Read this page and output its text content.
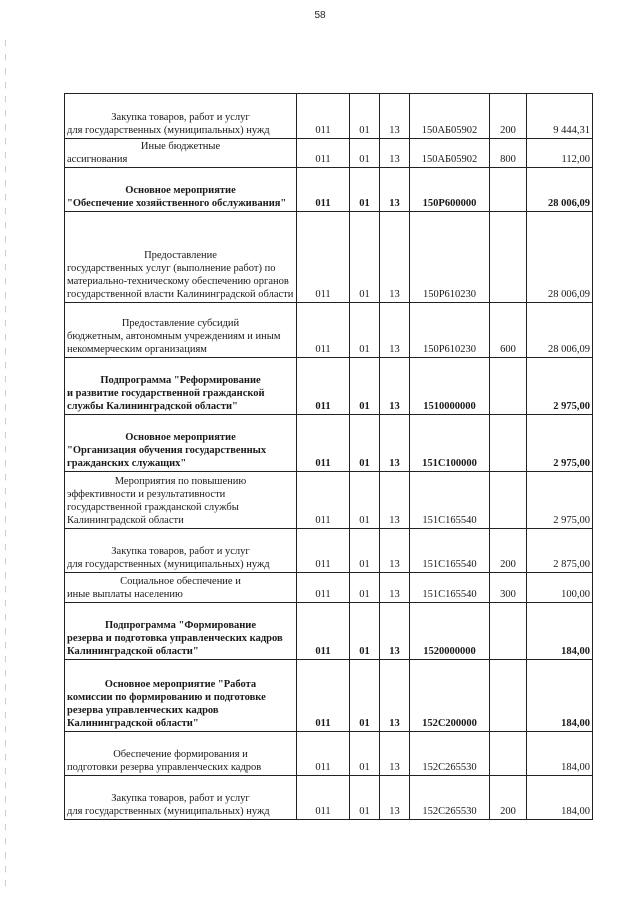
58
Закупка товаров, работ и услуг
для государственных (муниципальных) нужд	011	01	13	150АБ05902	200	9 444,31

Иные бюджетные
ассигнования	011	01	13	150АБ05902	800	112,00

Основное мероприятие
"Обеспечение хозяйственного обслуживания"	011	01	13	150Р600000		28 006,09

Предоставление
государственных услуг (выполнение работ) по материально-техническому обеспечению органов государственной власти Калининградской области	011	01	13	150Р610230		28 006,09

Предоставление субсидий
бюджетным, автономным учреждениям и иным некоммерческим организациям	011	01	13	150Р610230	600	28 006,09

Подпрограмма "Реформирование
и развитие государственной гражданской службы Калининградской области"	011	01	13	1510000000		2 975,00

Основное мероприятие
"Организация обучения государственных гражданских служащих"	011	01	13	151С100000		2 975,00

Мероприятия по повышению
эффективности и результативности государственной гражданской службы Калининградской области	011	01	13	151С165540		2 975,00

Закупка товаров, работ и услуг
для государственных (муниципальных) нужд	011	01	13	151С165540	200	2 875,00

Социальное обеспечение и
иные выплаты населению	011	01	13	151С165540	300	100,00

Подпрограмма "Формирование
резерва и подготовка управленческих кадров Калининградской области"	011	01	13	1520000000		184,00

Основное мероприятие "Работа
комиссии по формированию и подготовке резерва управленческих кадров Калининградской области"	011	01	13	152С200000		184,00

Обеспечение формирования и
подготовки резерва управленческих кадров	011	01	13	152С265530		184,00

Закупка товаров, работ и услуг
для государственных (муниципальных) нужд	011	01	13	152С265530	200	184,00
